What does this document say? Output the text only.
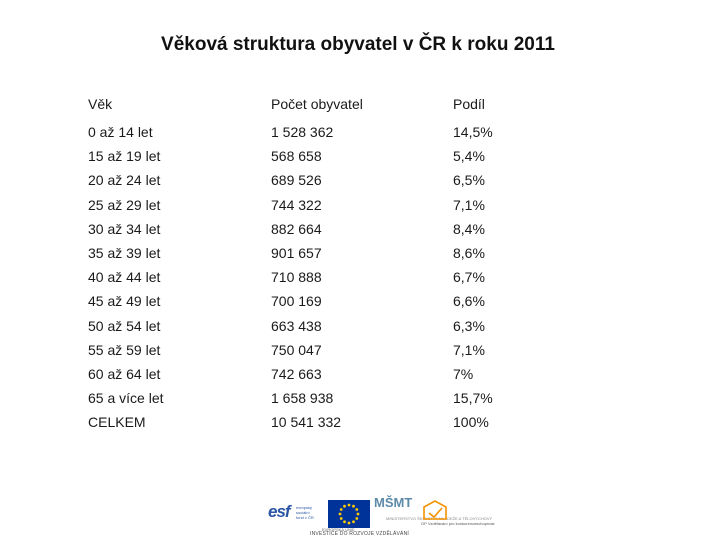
Věková struktura obyvatel v ČR k roku 2011
Věk	Počet obyvatel	Podíl
0 až 14 let	1 528 362	14,5%
15 až 19 let	568 658	5,4%
20 až 24 let	689 526	6,5%
25 až 29 let	744 322	7,1%
30 až 34 let	882 664	8,4%
35 až 39 let	901 657	8,6%
40 až 44 let	710 888	6,7%
45 až 49 let	700 169	6,6%
50 až 54 let	663 438	6,3%
55 až 59 let	750 047	7,1%
60 až 64 let	742 663	7%
65 a více let	1 658 938	15,7%
CELKEM	10 541 332	100%
esf evropský sociální fond v ČR
EVROPSKÁ UNIE
MŠMT
MINISTERSTVO ŠKOLSTVÍ, MLÁDEŽE A TĚLOVÝCHOVY
OP Vzdělávání pro konkurenceschopnost
INVESTICE DO ROZVOJE VZDĚLÁVÁNÍ
